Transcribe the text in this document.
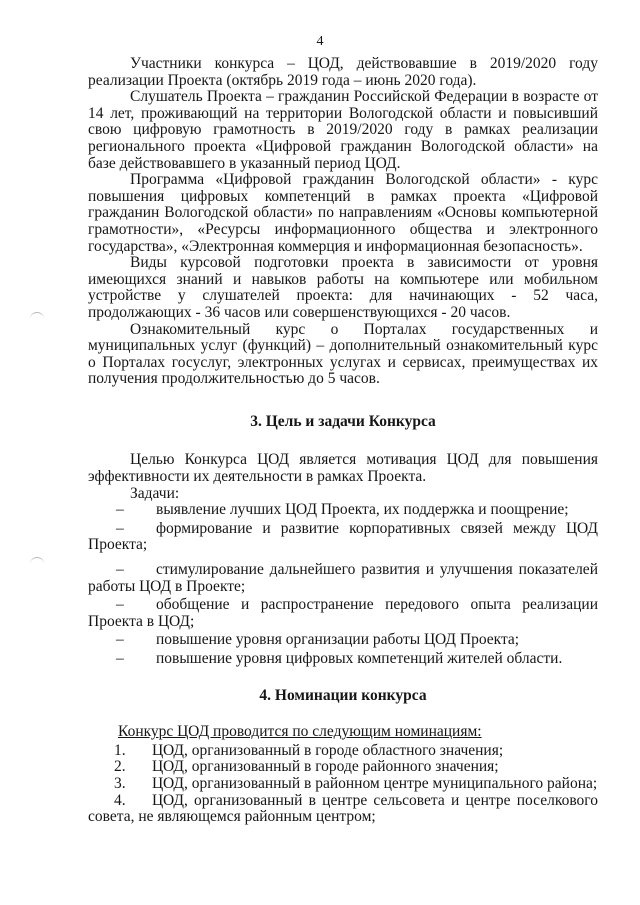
4

Участники конкурса – ЦОД, действовавшие в 2019/2020 году реализации Проекта (октябрь 2019 года – июнь 2020 года).

Слушатель Проекта – гражданин Российской Федерации в возрасте от 14 лет, проживающий на территории Вологодской области и повысивший свою цифровую грамотность в 2019/2020 году в рамках реализации регионального проекта «Цифровой гражданин Вологодской области» на базе действовавшего в указанный период ЦОД.

Программа «Цифровой гражданин Вологодской области» - курс повышения цифровых компетенций в рамках проекта «Цифровой гражданин Вологодской области» по направлениям «Основы компьютерной грамотности», «Ресурсы информационного общества и электронного государства», «Электронная коммерция и информационная безопасность».

Виды курсовой подготовки проекта в зависимости от уровня имеющихся знаний и навыков работы на компьютере или мобильном устройстве у слушателей проекта: для начинающих - 52 часа, продолжающих - 36 часов или совершенствующихся - 20 часов.

Ознакомительный курс о Порталах государственных и муниципальных услуг (функций) – дополнительный ознакомительный курс о Порталах госуслуг, электронных услугах и сервисах, преимуществах их получения продолжительностью до 5 часов.

3. Цель и задачи Конкурса

Целью Конкурса ЦОД является мотивация ЦОД для повышения эффективности их деятельности в рамках Проекта.

Задачи:

–	выявление лучших ЦОД Проекта, их поддержка и поощрение;
–	формирование и развитие корпоративных связей между ЦОД
Проекта;
–	стимулирование дальнейшего развития и улучшения показателей
работы ЦОД в Проекте;
–	обобщение и распространение передового опыта реализации
Проекта в ЦОД;
–	повышение уровня организации работы ЦОД Проекта;
–	повышение уровня цифровых компетенций жителей области.
4. Номинации конкурса

Конкурс ЦОД проводится по следующим номинациям:

1.	ЦОД, организованный в городе областного значения;
2.	ЦОД, организованный в городе районного значения;
3.	ЦОД, организованный в районном центре муниципального района;
4.	ЦОД, организованный в центре сельсовета и центре поселкового
совета, не являющемся районным центром;
